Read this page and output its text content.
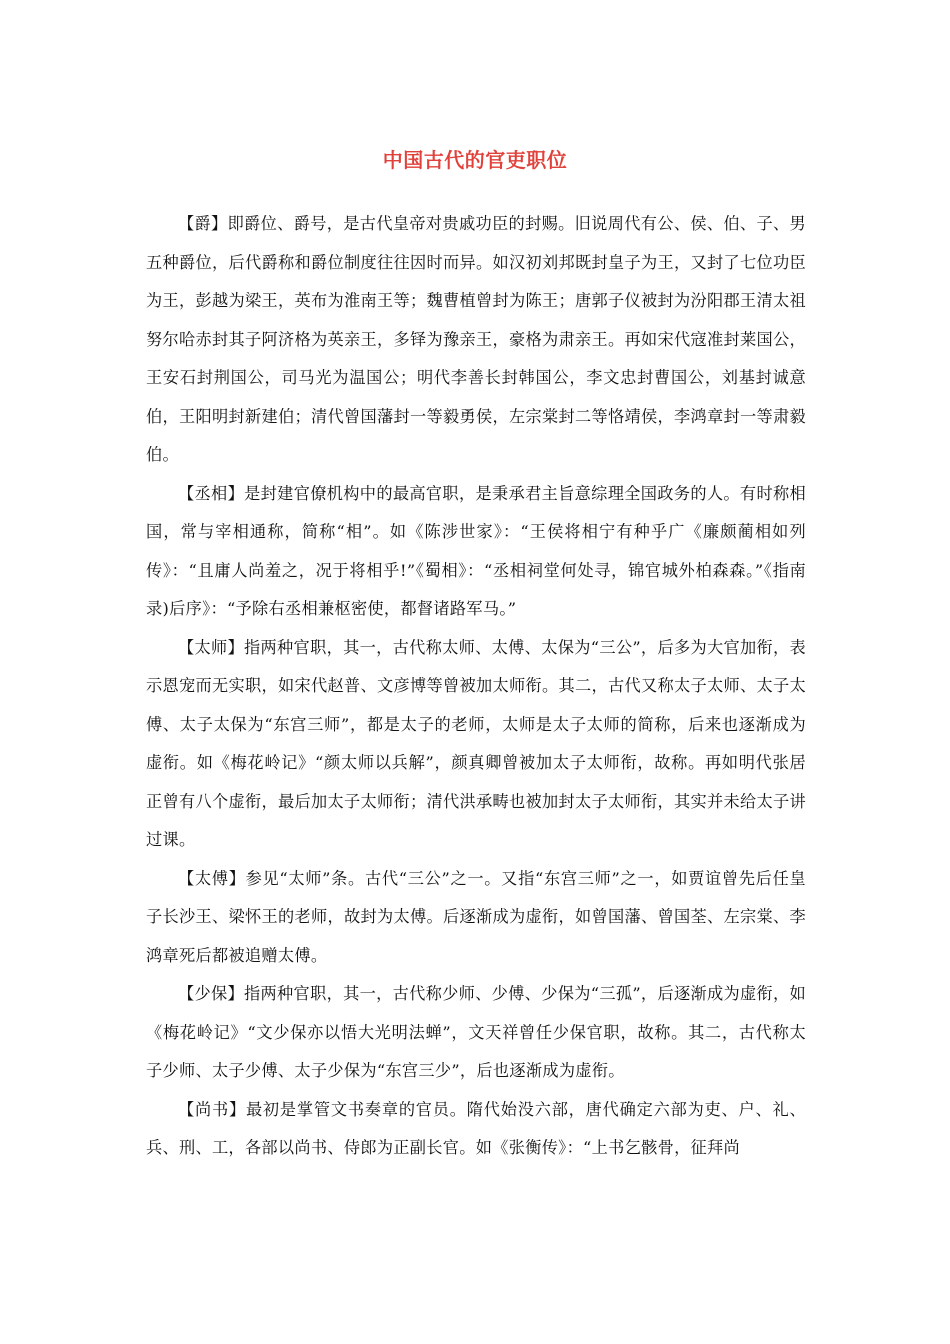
中国古代的官吏职位

【爵】即爵位、爵号，是古代皇帝对贵戚功臣的封赐。旧说周代有公、侯、伯、子、男五种爵位，后代爵称和爵位制度往往因时而异。如汉初刘邦既封皇子为王，又封了七位功臣为王，彭越为梁王，英布为淮南王等；魏曹植曾封为陈王；唐郭子仪被封为汾阳郡王清太祖努尔哈赤封其子阿济格为英亲王，多铎为豫亲王，豪格为肃亲王。再如宋代寇准封莱国公，王安石封荆国公，司马光为温国公；明代李善长封韩国公，李文忠封曹国公，刘基封诚意伯，王阳明封新建伯；清代曾国藩封一等毅勇侯，左宗棠封二等恪靖侯，李鸿章封一等肃毅伯。

【丞相】是封建官僚机构中的最高官职，是秉承君主旨意综理全国政务的人。有时称相国，常与宰相通称，简称“相”。如《陈涉世家》：“王侯将相宁有种乎广《廉颇蔺相如列传》：“且庸人尚羞之，况于将相乎!”《蜀相》：“丞相祠堂何处寻，锦官城外柏森森。”《指南录)后序》：“予除右丞相兼枢密使，都督诸路军马。”

【太师】指两种官职，其一，古代称太师、太傅、太保为“三公”，后多为大官加衔，表示恩宠而无实职，如宋代赵普、文彦博等曾被加太师衔。其二，古代又称太子太师、太子太傅、太子太保为“东宫三师”，都是太子的老师，太师是太子太师的简称，后来也逐渐成为虚衔。如《梅花岭记》“颜太师以兵解”，颜真卿曾被加太子太师衔，故称。再如明代张居正曾有八个虚衔，最后加太子太师衔；清代洪承畴也被加封太子太师衔，其实并未给太子讲过课。

【太傅】参见“太师”条。古代“三公”之一。又指“东宫三师”之一，如贾谊曾先后任皇子长沙王、梁怀王的老师，故封为太傅。后逐渐成为虚衔，如曾国藩、曾国荃、左宗棠、李鸿章死后都被追赠太傅。

【少保】指两种官职，其一，古代称少师、少傅、少保为“三孤”，后逐渐成为虚衔，如《梅花岭记》“文少保亦以悟大光明法蝉”，文天祥曾任少保官职，故称。其二，古代称太子少师、太子少傅、太子少保为“东宫三少”，后也逐渐成为虚衔。

【尚书】最初是掌管文书奏章的官员。隋代始没六部，唐代确定六部为吏、户、礼、兵、刑、工，各部以尚书、侍郎为正副长官。如《张衡传》：“上书乞骸骨，征拜尚
